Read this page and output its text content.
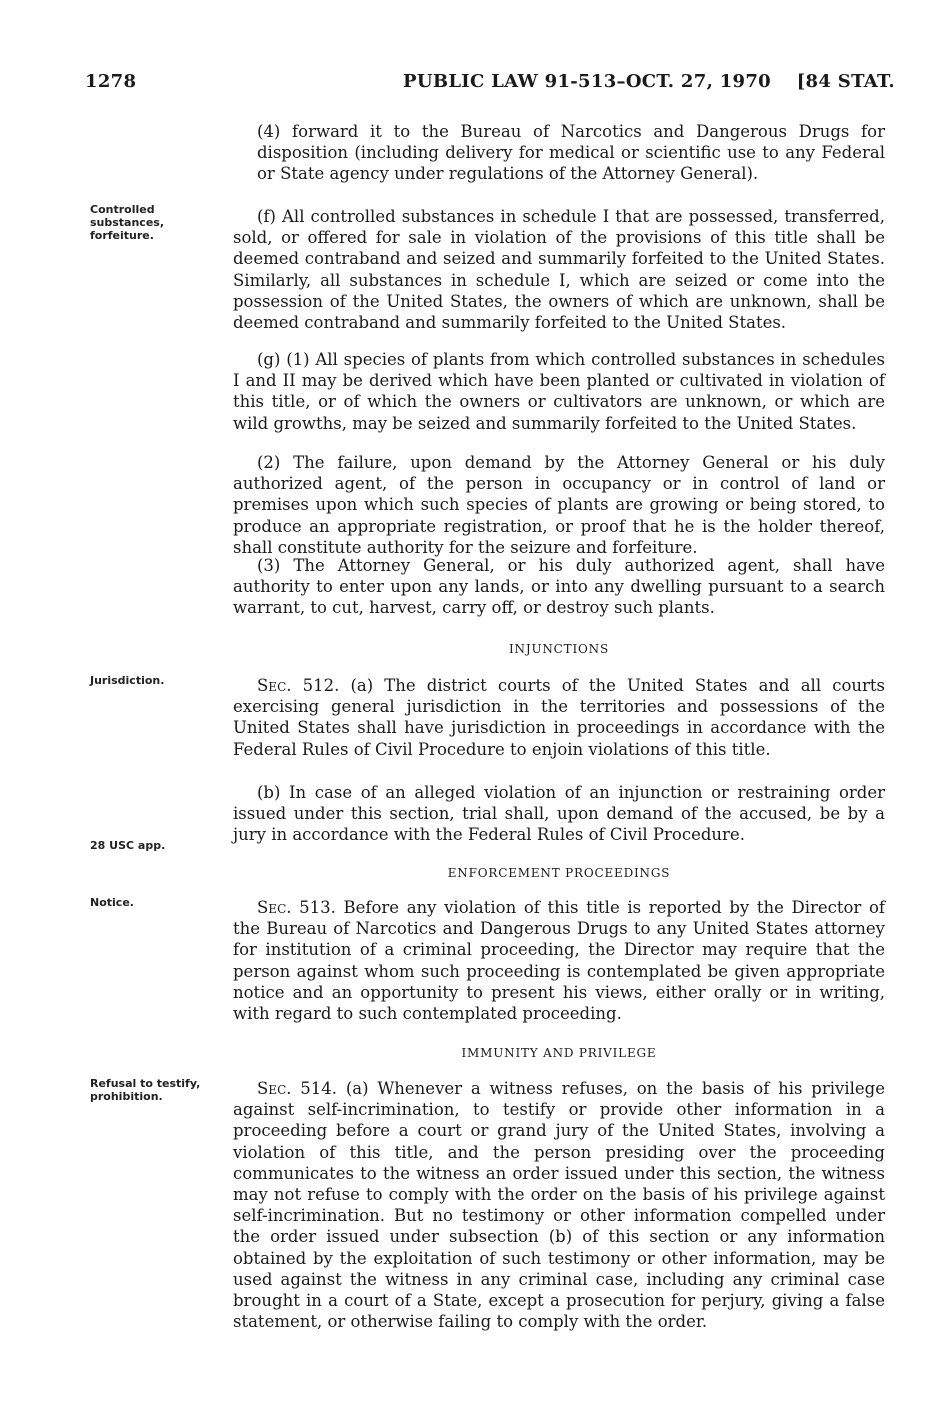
1278	PUBLIC LAW 91-513–OCT. 27, 1970 [84 STAT.
Controlled substances, forfeiture.
Jurisdiction.
28 USC app.
Notice.
Refusal to testify, prohibition.

(4) forward it to the Bureau of Narcotics and Dangerous Drugs for disposition (including delivery for medical or scientific use to any Federal or State agency under regulations of the Attorney General).

(f) All controlled substances in schedule I that are possessed, transferred, sold, or offered for sale in violation of the provisions of this title shall be deemed contraband and seized and summarily forfeited to the United States. Similarly, all substances in schedule I, which are seized or come into the possession of the United States, the owners of which are unknown, shall be deemed contraband and summarily forfeited to the United States.

(g) (1) All species of plants from which controlled substances in schedules I and II may be derived which have been planted or cultivated in violation of this title, or of which the owners or cultivators are unknown, or which are wild growths, may be seized and summarily forfeited to the United States.

(2) The failure, upon demand by the Attorney General or his duly authorized agent, of the person in occupancy or in control of land or premises upon which such species of plants are growing or being stored, to produce an appropriate registration, or proof that he is the holder thereof, shall constitute authority for the seizure and forfeiture.

(3) The Attorney General, or his duly authorized agent, shall have authority to enter upon any lands, or into any dwelling pursuant to a search warrant, to cut, harvest, carry off, or destroy such plants.

INJUNCTIONS

Sec. 512. (a) The district courts of the United States and all courts exercising general jurisdiction in the territories and possessions of the United States shall have jurisdiction in proceedings in accordance with the Federal Rules of Civil Procedure to enjoin violations of this title.

(b) In case of an alleged violation of an injunction or restraining order issued under this section, trial shall, upon demand of the accused, be by a jury in accordance with the Federal Rules of Civil Procedure.

ENFORCEMENT PROCEEDINGS

Sec. 513. Before any violation of this title is reported by the Director of the Bureau of Narcotics and Dangerous Drugs to any United States attorney for institution of a criminal proceeding, the Director may require that the person against whom such proceeding is contemplated be given appropriate notice and an opportunity to present his views, either orally or in writing, with regard to such contemplated proceeding.

IMMUNITY AND PRIVILEGE

Sec. 514. (a) Whenever a witness refuses, on the basis of his privilege against self-incrimination, to testify or provide other information in a proceeding before a court or grand jury of the United States, involving a violation of this title, and the person presiding over the proceeding communicates to the witness an order issued under this section, the witness may not refuse to comply with the order on the basis of his privilege against self-incrimination. But no testimony or other information compelled under the order issued under subsection (b) of this section or any information obtained by the exploitation of such testimony or other information, may be used against the witness in any criminal case, including any criminal case brought in a court of a State, except a prosecution for perjury, giving a false statement, or otherwise failing to comply with the order.
